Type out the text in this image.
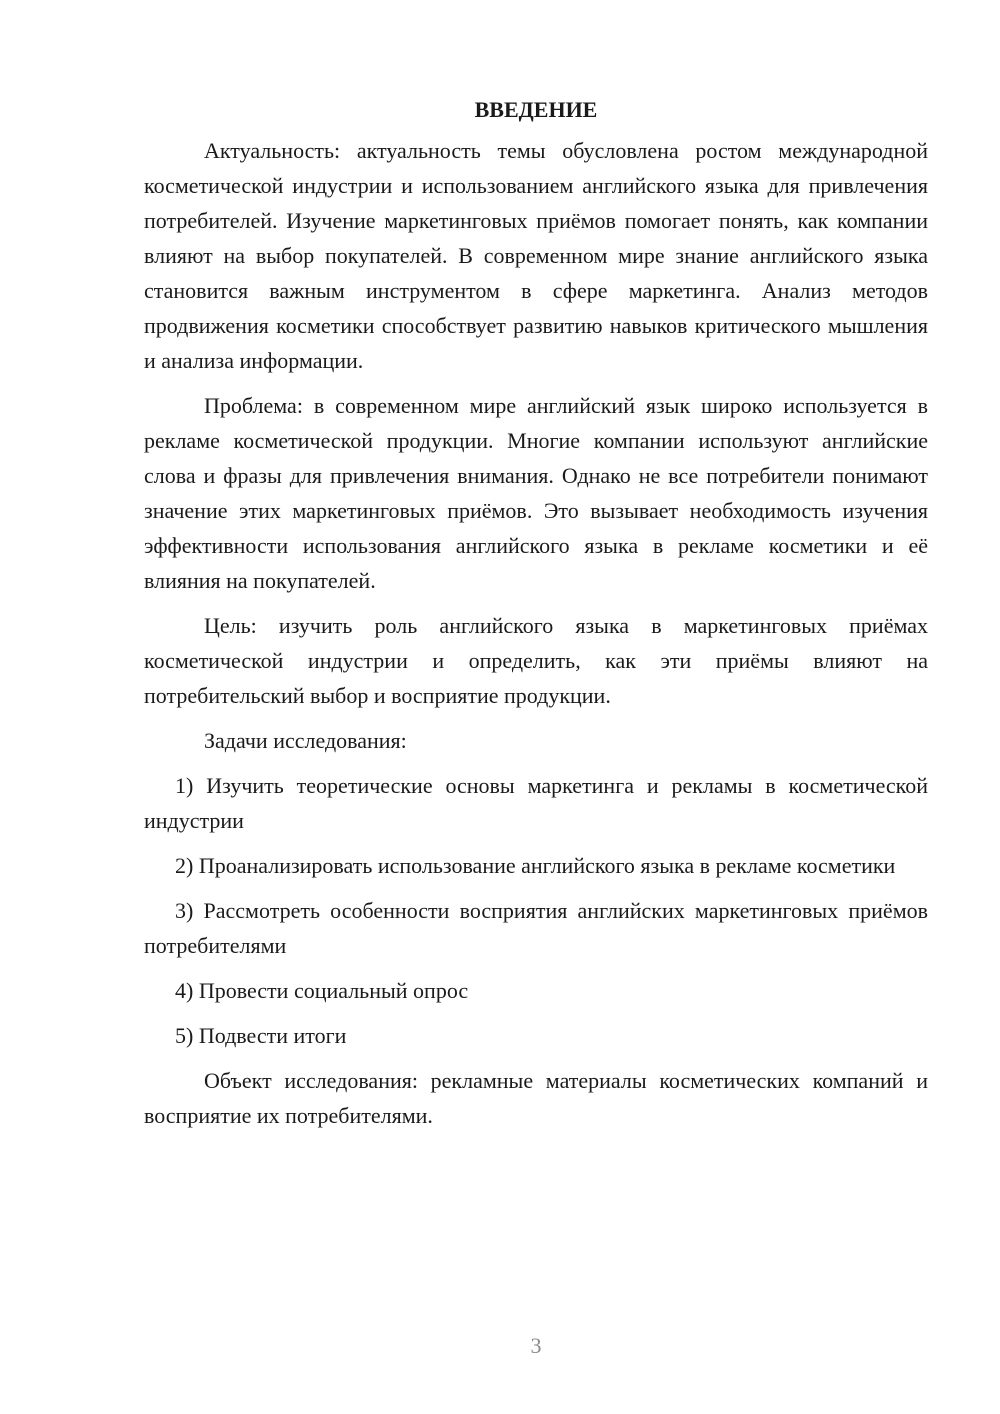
ВВЕДЕНИЕ

Актуальность: актуальность темы обусловлена ростом международной косметической индустрии и использованием английского языка для привлечения потребителей. Изучение маркетинговых приёмов помогает понять, как компании влияют на выбор покупателей. В современном мире знание английского языка становится важным инструментом в сфере маркетинга. Анализ методов продвижения косметики способствует развитию навыков критического мышления и анализа информации.

Проблема: в современном мире английский язык широко используется в рекламе косметической продукции. Многие компании используют английские слова и фразы для привлечения внимания. Однако не все потребители понимают значение этих маркетинговых приёмов. Это вызывает необходимость изучения эффективности использования английского языка в рекламе косметики и её влияния на покупателей.

Цель: изучить роль английского языка в маркетинговых приёмах косметической индустрии и определить, как эти приёмы влияют на потребительский выбор и восприятие продукции.

Задачи исследования:

1) Изучить теоретические основы маркетинга и рекламы в косметической индустрии

2) Проанализировать использование английского языка в рекламе косметики

3) Рассмотреть особенности восприятия английских маркетинговых приёмов потребителями

4) Провести социальный опрос

5) Подвести итоги

Объект исследования: рекламные материалы косметических компаний и восприятие их потребителями.

3
